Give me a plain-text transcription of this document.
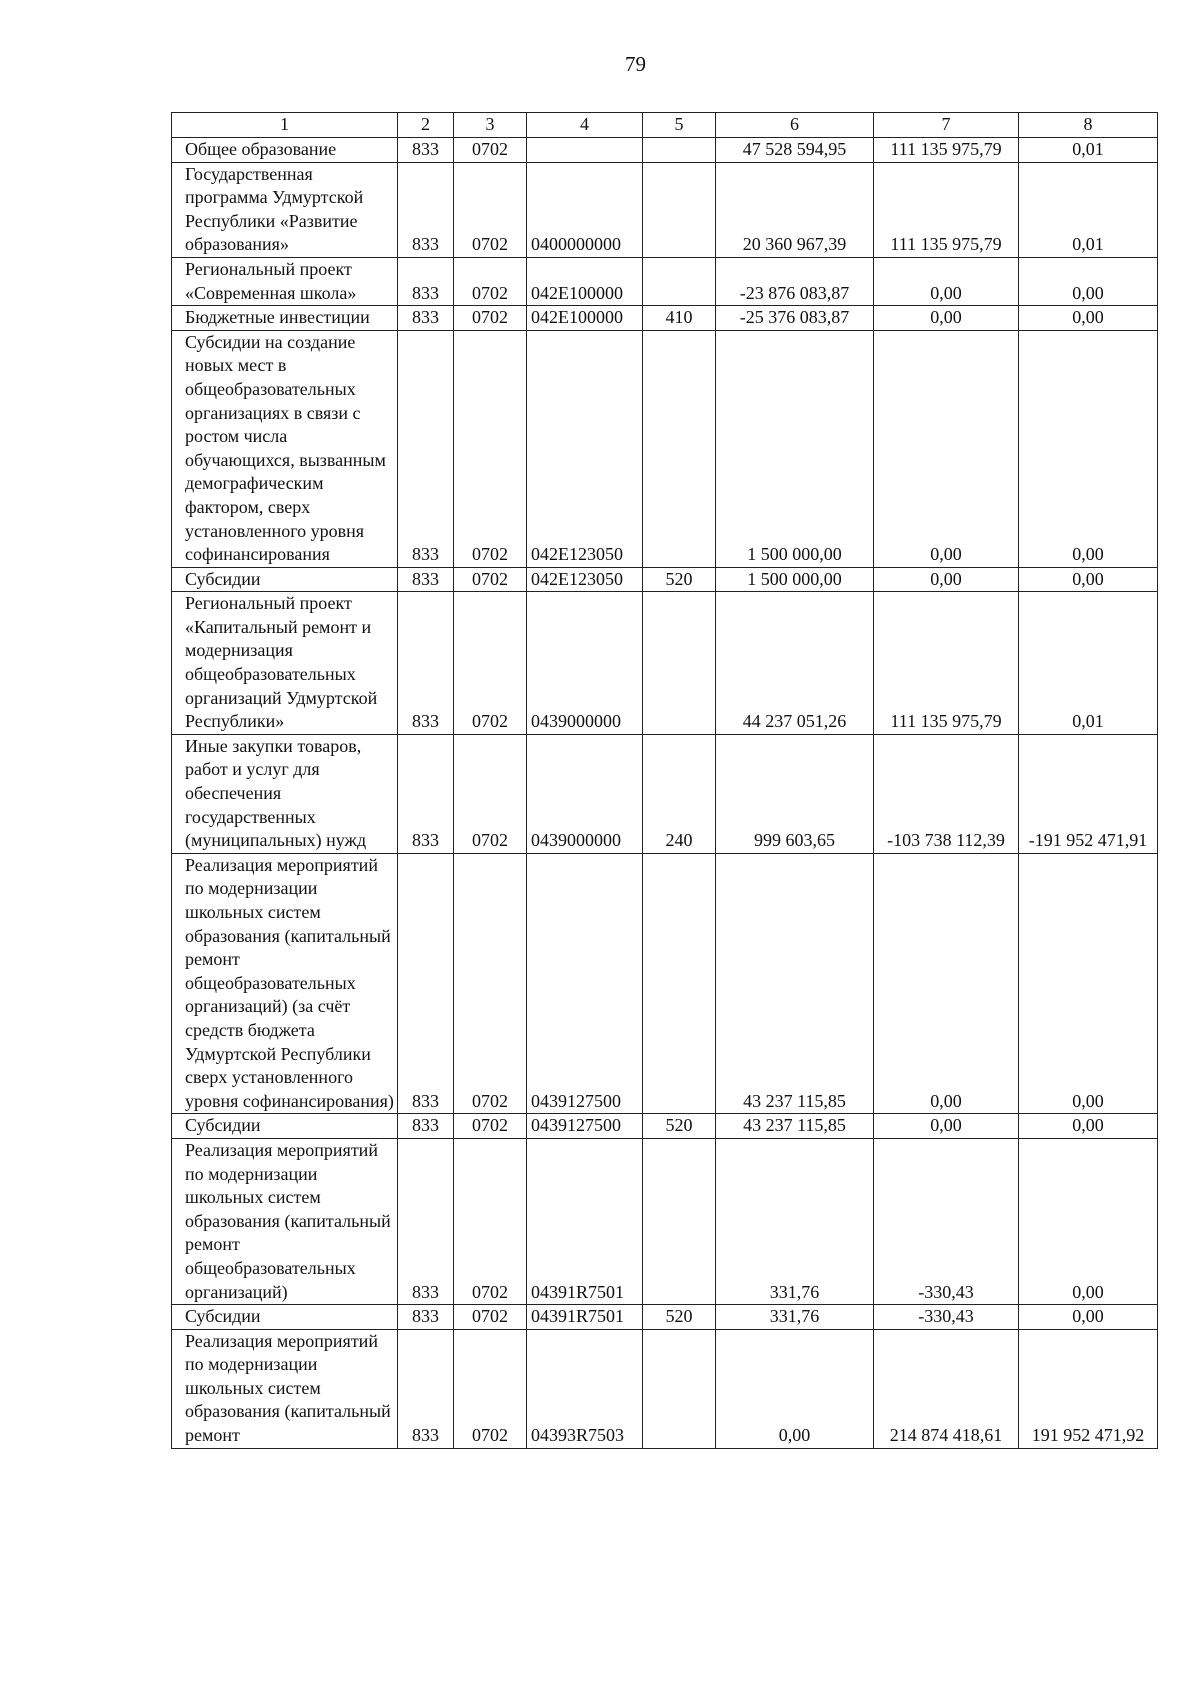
79
1	2	3	4	5	6	7	8
Общее образование	833	0702			47 528 594,95	111 135 975,79	0,01
Государственная программа Удмуртской Республики «Развитие образования»	833	0702	0400000000		20 360 967,39	111 135 975,79	0,01
Региональный проект «Современная школа»	833	0702	042E100000		-23 876 083,87	0,00	0,00
Бюджетные инвестиции	833	0702	042E100000	410	-25 376 083,87	0,00	0,00
Субсидии на создание новых мест в общеобразовательных организациях в связи с ростом числа обучающихся, вызванным демографическим фактором, сверх установленного уровня софинансирования	833	0702	042E123050		1 500 000,00	0,00	0,00
Субсидии	833	0702	042E123050	520	1 500 000,00	0,00	0,00
Региональный проект «Капитальный ремонт и модернизация общеобразовательных организаций Удмуртской Республики»	833	0702	0439000000		44 237 051,26	111 135 975,79	0,01
Иные закупки товаров, работ и услуг для обеспечения государственных (муниципальных) нужд	833	0702	0439000000	240	999 603,65	-103 738 112,39	-191 952 471,91
Реализация мероприятий по модернизации школьных систем образования (капитальный ремонт общеобразовательных организаций) (за счёт средств бюджета Удмуртской Республики сверх установленного уровня софинансирования)	833	0702	0439127500		43 237 115,85	0,00	0,00
Субсидии	833	0702	0439127500	520	43 237 115,85	0,00	0,00
Реализация мероприятий по модернизации школьных систем образования (капитальный ремонт общеобразовательных организаций)	833	0702	04391R7501		331,76	-330,43	0,00
Субсидии	833	0702	04391R7501	520	331,76	-330,43	0,00
Реализация мероприятий по модернизации школьных систем образования (капитальный ремонт	833	0702	04393R7503		0,00	214 874 418,61	191 952 471,92
